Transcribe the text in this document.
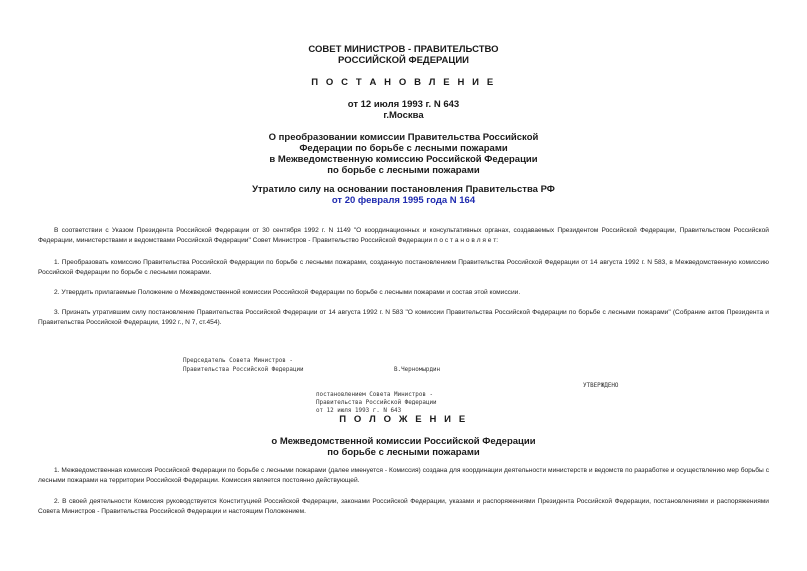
СОВЕТ МИНИСТРОВ - ПРАВИТЕЛЬСТВО
РОССИЙСКОЙ ФЕДЕРАЦИИ
П О С Т А Н О В Л Е Н И Е
от 12 июля 1993 г. N 643
г.Москва
О преобразовании комиссии Правительства Российской
Федерации по борьбе с лесными пожарами
в Межведомственную комиссию Российской Федерации
по борьбе с лесными пожарами
Утратило силу на основании постановления Правительства РФ
от 20 февраля 1995 года N 164
В соответствии с Указом Президента Российской Федерации от 30 сентября 1992 г. N 1149 "О координационных и консультативных органах, создаваемых Президентом Российской Федерации, Правительством Российской Федерации, министерствами и ведомствами Российской Федерации" Совет Министров - Правительство Российской Федерации п о с т а н о в л я е т:
1. Преобразовать комиссию Правительства Российской Федерации по борьбе с лесными пожарами, созданную постановлением Правительства Российской Федерации от 14 августа 1992 г. N 583, в Межведомственную комиссию Российской Федерации по борьбе с лесными пожарами.
2. Утвердить прилагаемые Положение о Межведомственной комиссии Российской Федерации по борьбе с лесными пожарами и состав этой комиссии.
3. Признать утратившим силу постановление Правительства Российской Федерации от 14 августа 1992 г. N 583 "О комиссии Правительства Российской Федерации по борьбе с лесными пожарами" (Собрание актов Президента и Правительства Российской Федерации, 1992 г., N 7, ст.454).
Председатель Совета Министров -
Правительства Российской Федерации	В.Черномырдин
УТВЕРЖДЕНО
постановлением Совета Министров -
Правительства Российской Федерации
от 12 июля 1993 г. N 643
П О Л О Ж Е Н И Е
о Межведомственной комиссии Российской Федерации
по борьбе с лесными пожарами
1. Межведомственная комиссия Российской Федерации по борьбе с лесными пожарами (далее именуется - Комиссия) создана для координации деятельности министерств и ведомств по разработке и осуществлению мер борьбы с лесными пожарами на территории Российской Федерации. Комиссия является постоянно действующей.
2. В своей деятельности Комиссия руководствуется Конституцией Российской Федерации, законами Российской Федерации, указами и распоряжениями Президента Российской Федерации, постановлениями и распоряжениями Совета Министров - Правительства Российской Федерации и настоящим Положением.
